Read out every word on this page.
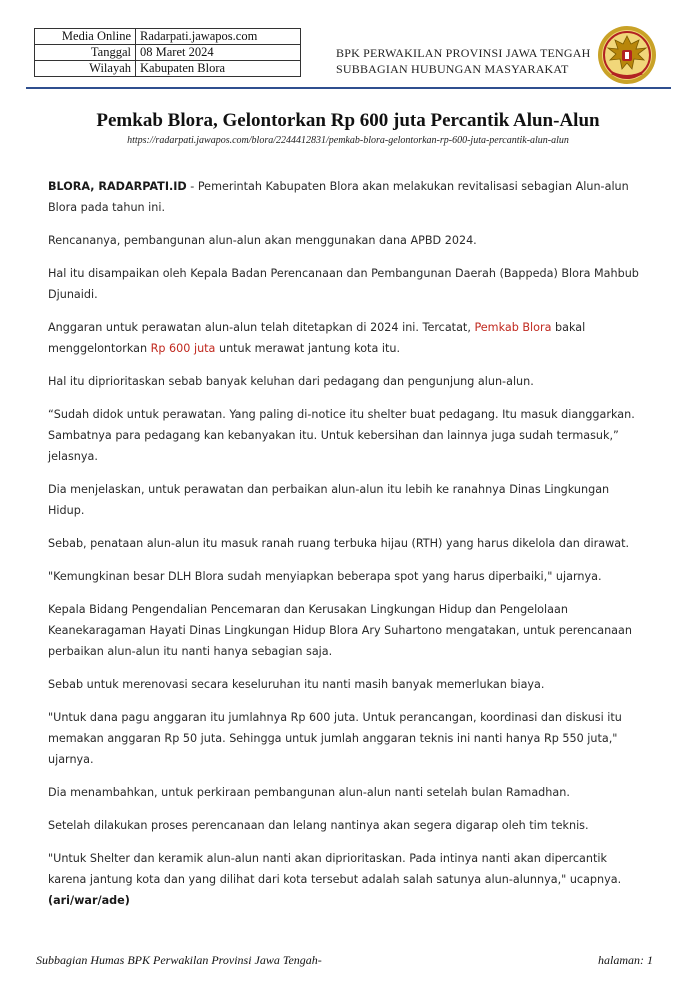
Media Online	Radarpati.jawapos.com
Tanggal	08 Maret 2024
Wilayah	Kabupaten Blora
BPK PERWAKILAN PROVINSI JAWA TENGAH
SUBBAGIAN HUBUNGAN MASYARAKAT
Pemkab Blora, Gelontorkan Rp 600 juta Percantik Alun-Alun
https://radarpati.jawapos.com/blora/2244412831/pemkab-blora-gelontorkan-rp-600-juta-percantik-alun-alun

BLORA, RADARPATI.ID - Pemerintah Kabupaten Blora akan melakukan revitalisasi sebagian Alun-alun Blora pada tahun ini.

Rencananya, pembangunan alun-alun akan menggunakan dana APBD 2024.

Hal itu disampaikan oleh Kepala Badan Perencanaan dan Pembangunan Daerah (Bappeda) Blora Mahbub Djunaidi.

Anggaran untuk perawatan alun-alun telah ditetapkan di 2024 ini. Tercatat, Pemkab Blora bakal menggelontorkan Rp 600 juta untuk merawat jantung kota itu.

Hal itu diprioritaskan sebab banyak keluhan dari pedagang dan pengunjung alun-alun.

“Sudah didok untuk perawatan. Yang paling di-notice itu shelter buat pedagang. Itu masuk dianggarkan. Sambatnya para pedagang kan kebanyakan itu. Untuk kebersihan dan lainnya juga sudah termasuk,” jelasnya.

Dia menjelaskan, untuk perawatan dan perbaikan alun-alun itu lebih ke ranahnya Dinas Lingkungan Hidup.

Sebab, penataan alun-alun itu masuk ranah ruang terbuka hijau (RTH) yang harus dikelola dan dirawat.

"Kemungkinan besar DLH Blora sudah menyiapkan beberapa spot yang harus diperbaiki," ujarnya.

Kepala Bidang Pengendalian Pencemaran dan Kerusakan Lingkungan Hidup dan Pengelolaan Keanekaragaman Hayati Dinas Lingkungan Hidup Blora Ary Suhartono mengatakan, untuk perencanaan perbaikan alun-alun itu nanti hanya sebagian saja.

Sebab untuk merenovasi secara keseluruhan itu nanti masih banyak memerlukan biaya.

"Untuk dana pagu anggaran itu jumlahnya Rp 600 juta. Untuk perancangan, koordinasi dan diskusi itu memakan anggaran Rp 50 juta. Sehingga untuk jumlah anggaran teknis ini nanti hanya Rp 550 juta," ujarnya.

Dia menambahkan, untuk perkiraan pembangunan alun-alun nanti setelah bulan Ramadhan.

Setelah dilakukan proses perencanaan dan lelang nantinya akan segera digarap oleh tim teknis.

"Untuk Shelter dan keramik alun-alun nanti akan diprioritaskan. Pada intinya nanti akan dipercantik karena jantung kota dan yang dilihat dari kota tersebut adalah salah satunya alun-alunnya," ucapnya. (ari/war/ade)

Subbagian Humas BPK Perwakilan Provinsi Jawa Tengah-	halaman: 1
